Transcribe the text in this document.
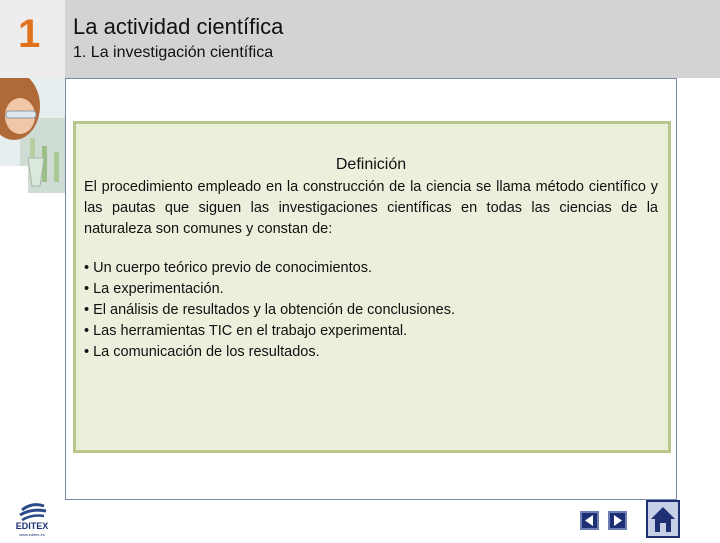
1 La actividad científica
1. La investigación científica
Definición

El procedimiento empleado en la construcción de la ciencia se llama método científico y las pautas que siguen las investigaciones científicas en todas las ciencias de la naturaleza son comunes y constan de:

• Un cuerpo teórico previo de conocimientos.
• La experimentación.
• El análisis de resultados y la obtención de conclusiones.
• Las herramientas TIC en el trabajo experimental.
• La comunicación de los resultados.
EDITEX
www.editex.es
